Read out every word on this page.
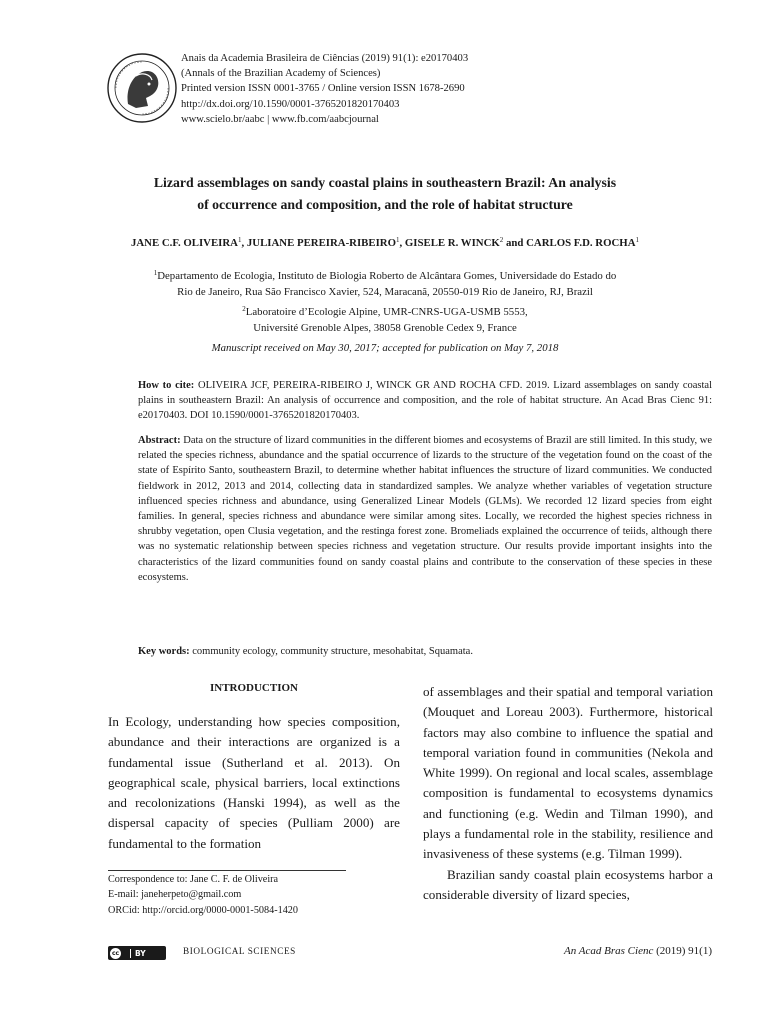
Anais da Academia Brasileira de Ciências (2019) 91(1): e20170403
(Annals of the Brazilian Academy of Sciences)
Printed version ISSN 0001-3765 / Online version ISSN 1678-2690
http://dx.doi.org/10.1590/0001-3765201820170403
www.scielo.br/aabc | www.fb.com/aabcjournal
Lizard assemblages on sandy coastal plains in southeastern Brazil: An analysis
of occurrence and composition, and the role of habitat structure
JANE C.F. OLIVEIRA$^1$, JULIANE PEREIRA-RIBEIRO$^1$, GISELE R. WINCK$^2$ and CARLOS F.D. ROCHA$^1$
$^1$Departamento de Ecologia, Instituto de Biologia Roberto de Alcântara Gomes, Universidade do Estado do
Rio de Janeiro, Rua São Francisco Xavier, 524, Maracanã, 20550-019 Rio de Janeiro, RJ, Brazil
$^2$Laboratoire d’Ecologie Alpine, UMR-CNRS-UGA-USMB 5553,
Université Grenoble Alpes, 38058 Grenoble Cedex 9, France
Manuscript received on May 30, 2017; accepted for publication on May 7, 2018
How to cite: OLIVEIRA JCF, PEREIRA-RIBEIRO J, WINCK GR AND ROCHA CFD. 2019. Lizard assemblages on sandy coastal plains in southeastern Brazil: An analysis of occurrence and composition, and the role of habitat structure. An Acad Bras Cienc 91: e20170403. DOI 10.1590/0001-3765201820170403.
Abstract: Data on the structure of lizard communities in the different biomes and ecosystems of Brazil are still limited. In this study, we related the species richness, abundance and the spatial occurrence of lizards to the structure of the vegetation found on the coast of the state of Espírito Santo, southeastern Brazil, to determine whether habitat influences the structure of lizard communities. We conducted fieldwork in 2012, 2013 and 2014, collecting data in standardized samples. We analyze whether variables of vegetation structure influenced species richness and abundance, using Generalized Linear Models (GLMs). We recorded 12 lizard species from eight families. In general, species richness and abundance were similar among sites. Locally, we recorded the highest species richness in shrubby vegetation, open Clusia vegetation, and the restinga forest zone. Bromeliads explained the occurrence of teiids, although there was no systematic relationship between species richness and vegetation structure. Our results provide important insights into the characteristics of the lizard communities found on sandy coastal plains and contribute to the conservation of these species in these ecosystems.
Key words: community ecology, community structure, mesohabitat, Squamata.
INTRODUCTION

In Ecology, understanding how species composition, abundance and their interactions are organized is a fundamental issue (Sutherland et al. 2013). On geographical scale, physical barriers, local extinctions and recolonizations (Hanski 1994), as well as the dispersal capacity of species (Pulliam 2000) are fundamental to the formation

of assemblages and their spatial and temporal variation (Mouquet and Loreau 2003). Furthermore, historical factors may also combine to influence the spatial and temporal variation found in communities (Nekola and White 1999). On regional and local scales, assemblage composition is fundamental to ecosystems dynamics and functioning (e.g. Wedin and Tilman 1990), and plays a fundamental role in the stability, resilience and invasiveness of these systems (e.g. Tilman 1999).

Brazilian sandy coastal plain ecosystems harbor a considerable diversity of lizard species,

Correspondence to: Jane C. F. de Oliveira
E-mail: janeherpeto@gmail.com
ORCid: http://orcid.org/0000-0001-5084-1420
cc	BY	BIOLOGICAL SCIENCES	An Acad Bras Cienc (2019) 91(1)
